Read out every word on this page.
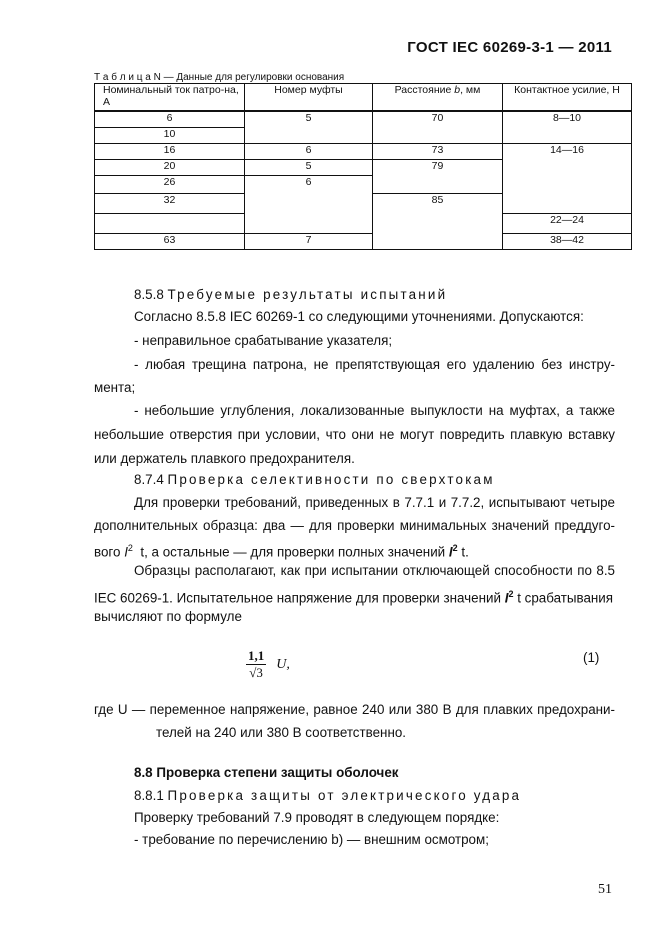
ГОСТ IEC 60269-3-1 — 2011
Т а б л и ц а N — Данные для регулировки основания
Номинальный ток патро-на, А	Номер муфты	Расстояние b, мм	Контактное усилие, Н
6	5	70	8—10
10			
16	6	73	14—16
20	5	79	
26	6		
32		85	
			22—24
63	7		38—42
8.5.8 Требуемые результаты испытаний
Согласно 8.5.8 IEC 60269-1 со следующими уточнениями. Допускаются:
- неправильное срабатывание указателя;
- любая трещина патрона, не препятствующая его удалению без инстру-
мента;
- небольшие углубления, локализованные выпуклости на муфтах, а также
небольшие отверстия при условии, что они не могут повредить плавкую вставку
или держатель плавкого предохранителя.
8.7.4 Проверка селективности по сверхтокам
Для проверки требований, приведенных в 7.7.1 и 7.7.2, испытывают четыре
дополнительных образца: два — для проверки минимальных значений преддуго-
вого $I^2$ t, а остальные — для проверки полных значений $I^2$ t.
Образцы располагают, как при испытании отключающей способности по 8.5
IEC 60269-1. Испытательное напряжение для проверки значений $I^2$ t срабатывания
вычисляют по формуле
$\frac{1,1}{√3} U$,	(1)
где U — переменное напряжение, равное 240 или 380 В для плавких предохрани-
телей на 240 или 380 В соответственно.
8.8 Проверка степени защиты оболочек
8.8.1 Проверка защиты от электрического удара
Проверку требований 7.9 проводят в следующем порядке:
- требование по перечислению b) — внешним осмотром;
51
